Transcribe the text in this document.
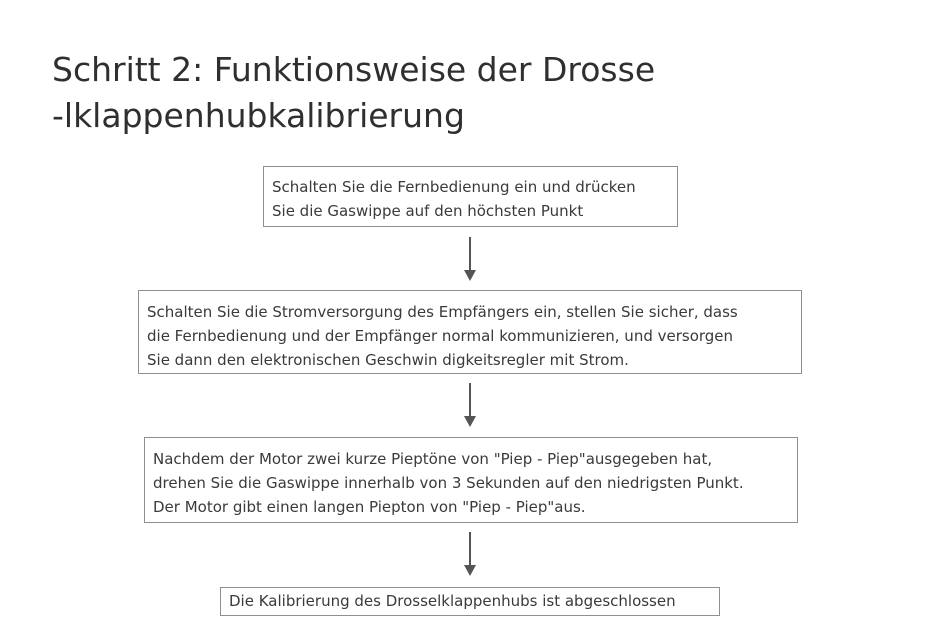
Schritt 2: Funktionsweise der Drosse
-lklappenhubkalibrierung
Schalten Sie die Fernbedienung ein und drücken
Sie die Gaswippe auf den höchsten Punkt
Schalten Sie die Stromversorgung des Empfängers ein, stellen Sie sicher, dass
die Fernbedienung und der Empfänger normal kommunizieren, und versorgen
Sie dann den elektronischen Geschwin digkeitsregler mit Strom.
Nachdem der Motor zwei kurze Pieptöne von "Piep - Piep"ausgegeben hat,
drehen Sie die Gaswippe innerhalb von 3 Sekunden auf den niedrigsten Punkt.
Der Motor gibt einen langen Piepton von "Piep - Piep"aus.
Die Kalibrierung des Drosselklappenhubs ist abgeschlossen
